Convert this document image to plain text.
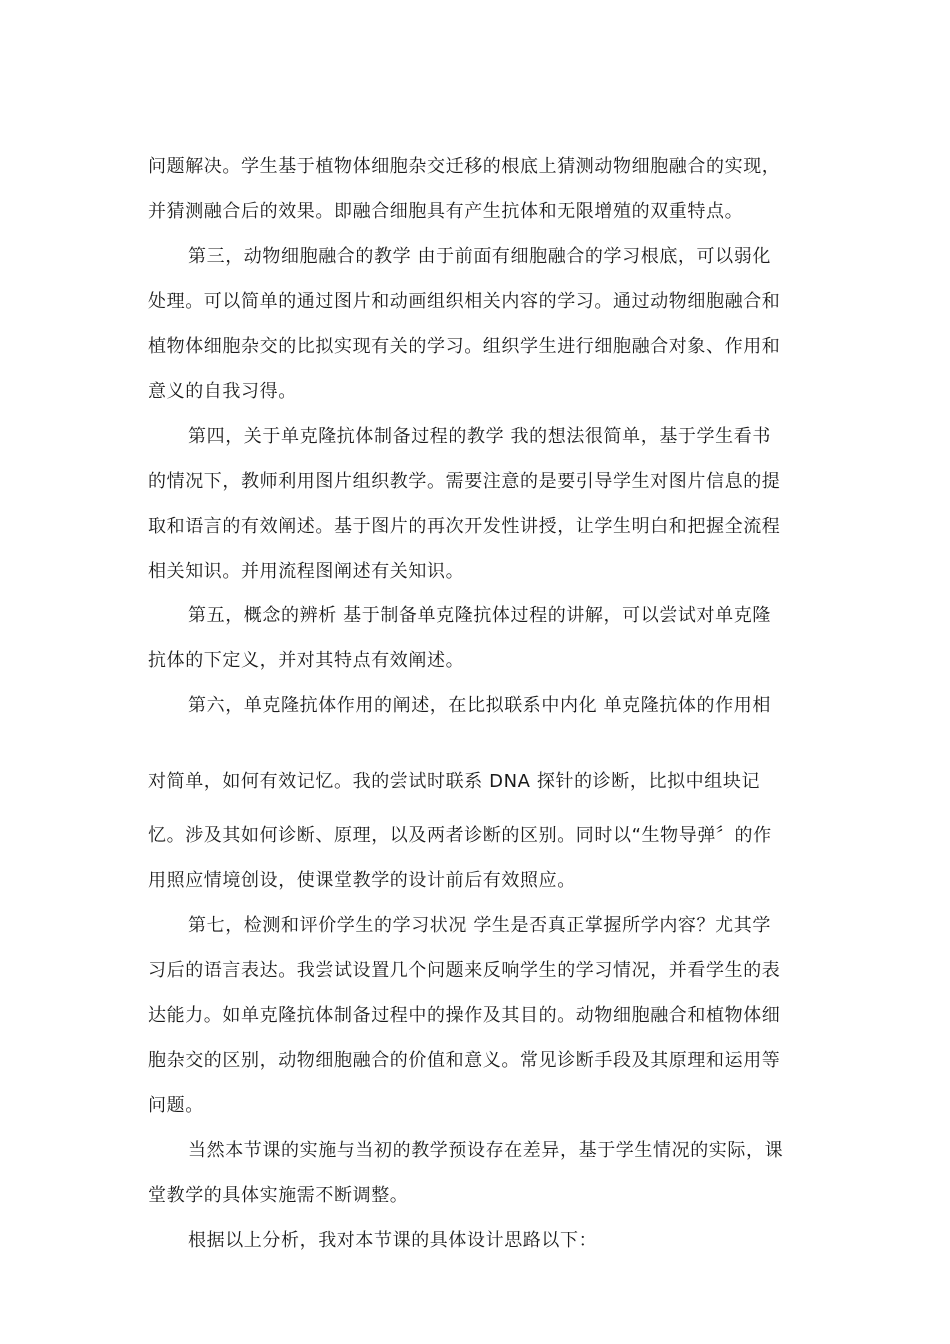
问题解决。学生基于植物体细胞杂交迁移的根底上猜测动物细胞融合的实现，
并猜测融合后的效果。即融合细胞具有产生抗体和无限增殖的双重特点。
第三，动物细胞融合的教学 由于前面有细胞融合的学习根底，可以弱化
处理。可以简单的通过图片和动画组织相关内容的学习。通过动物细胞融合和
植物体细胞杂交的比拟实现有关的学习。组织学生进行细胞融合对象、作用和
意义的自我习得。
第四，关于单克隆抗体制备过程的教学 我的想法很简单，基于学生看书
的情况下，教师利用图片组织教学。需要注意的是要引导学生对图片信息的提
取和语言的有效阐述。基于图片的再次开发性讲授，让学生明白和把握全流程
相关知识。并用流程图阐述有关知识。
第五，概念的辨析 基于制备单克隆抗体过程的讲解，可以尝试对单克隆
抗体的下定义，并对其特点有效阐述。
第六，单克隆抗体作用的阐述，在比拟联系中内化 单克隆抗体的作用相
对简单，如何有效记忆。我的尝试时联系 DNA 探针的诊断，比拟中组块记
忆。涉及其如何诊断、原理，以及两者诊断的区别。同时以“生物导弹〞的作
用照应情境创设，使课堂教学的设计前后有效照应。
第七，检测和评价学生的学习状况 学生是否真正掌握所学内容？尤其学
习后的语言表达。我尝试设置几个问题来反响学生的学习情况，并看学生的表
达能力。如单克隆抗体制备过程中的操作及其目的。动物细胞融合和植物体细
胞杂交的区别，动物细胞融合的价值和意义。常见诊断手段及其原理和运用等
问题。
当然本节课的实施与当初的教学预设存在差异，基于学生情况的实际，课
堂教学的具体实施需不断调整。
根据以上分析，我对本节课的具体设计思路以下：
